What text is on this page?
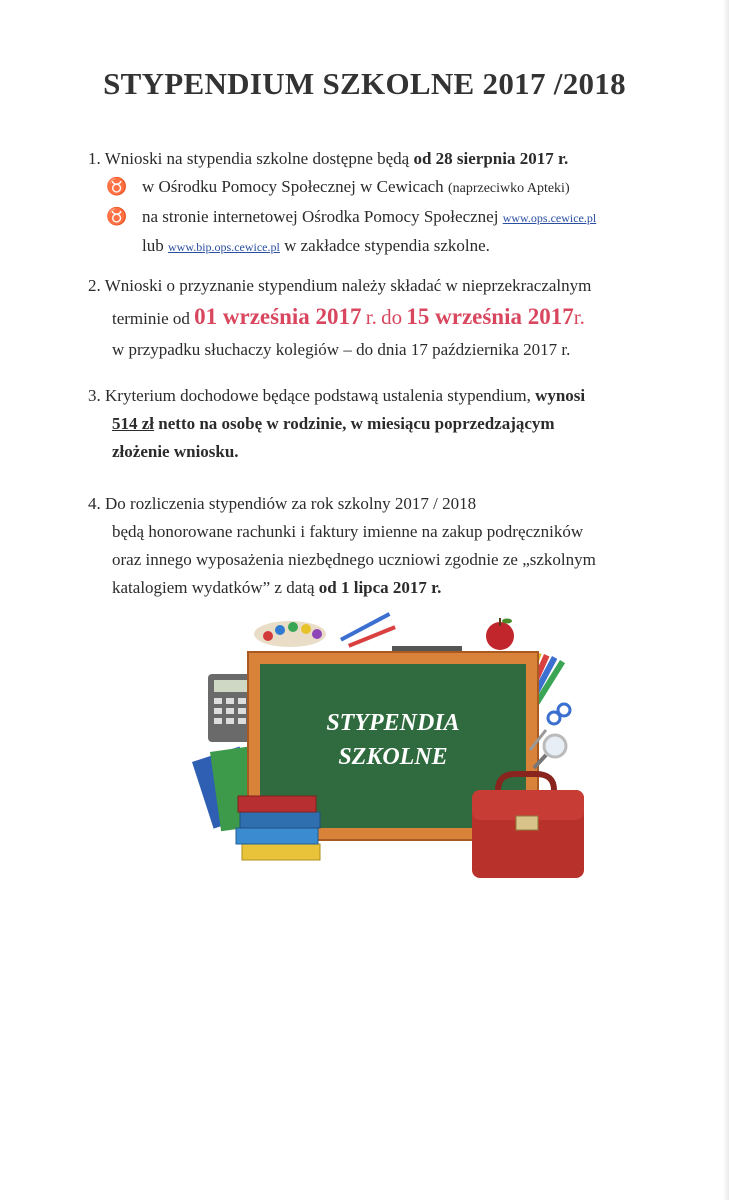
STYPENDIUM SZKOLNE 2017 /2018

1. Wnioski na stypendia szkolne dostępne będą od 28 sierpnia 2017 r.

♉ w Ośrodku Pomocy Społecznej w Cewicach (naprzeciwko Apteki)

♉ na stronie internetowej Ośrodka Pomocy Społecznej www.ops.cewice.pl

lub www.bip.ops.cewice.pl w zakładce stypendia szkolne.

2. Wnioski o przyznanie stypendium należy składać w nieprzekraczalnym

terminie od 01 września 2017 r. do 15 września 2017r.

w przypadku słuchaczy kolegiów – do dnia 17 października 2017 r.

3. Kryterium dochodowe będące podstawą ustalenia stypendium, wynosi

514 zł netto na osobę w rodzinie, w miesiącu poprzedzającym

złożenie wniosku.

4. Do rozliczenia stypendiów za rok szkolny 2017 / 2018

będą honorowane rachunki i faktury imienne na zakup podręczników

oraz innego wyposażenia niezbędnego uczniowi zgodnie ze „szkolnym

katalogiem wydatków” z datą od 1 lipca 2017 r.

STYPENDIA
SZKOLNE
